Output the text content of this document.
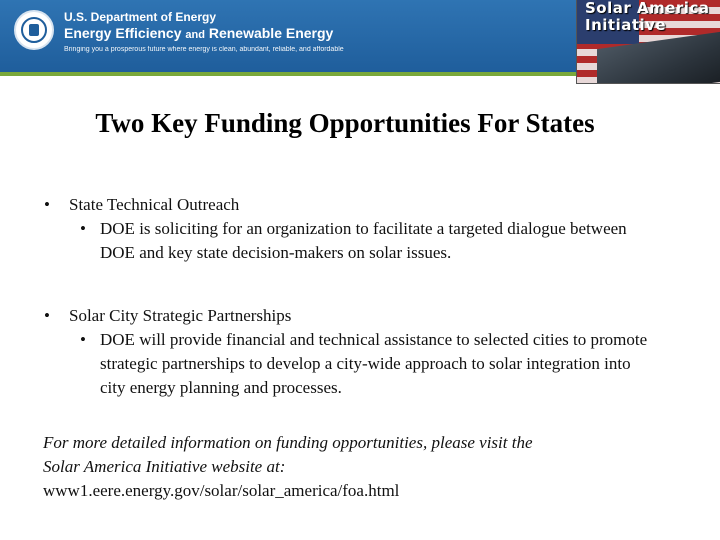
U.S. Department of Energy
Energy Efficiency and Renewable Energy
Bringing you a prosperous future where energy is clean, abundant, reliable, and affordable
Solar America
Initiative
Two Key Funding Opportunities For States
• State Technical Outreach
• DOE is soliciting for an organization to facilitate a targeted dialogue between DOE and key state decision-makers on solar issues.
• Solar City Strategic Partnerships
• DOE will provide financial and technical assistance to selected cities to promote strategic partnerships to develop a city-wide approach to solar integration into city energy planning and processes.
For more detailed information on funding opportunities, please visit the
Solar America Initiative website at:
www1.eere.energy.gov/solar/solar_america/foa.html
